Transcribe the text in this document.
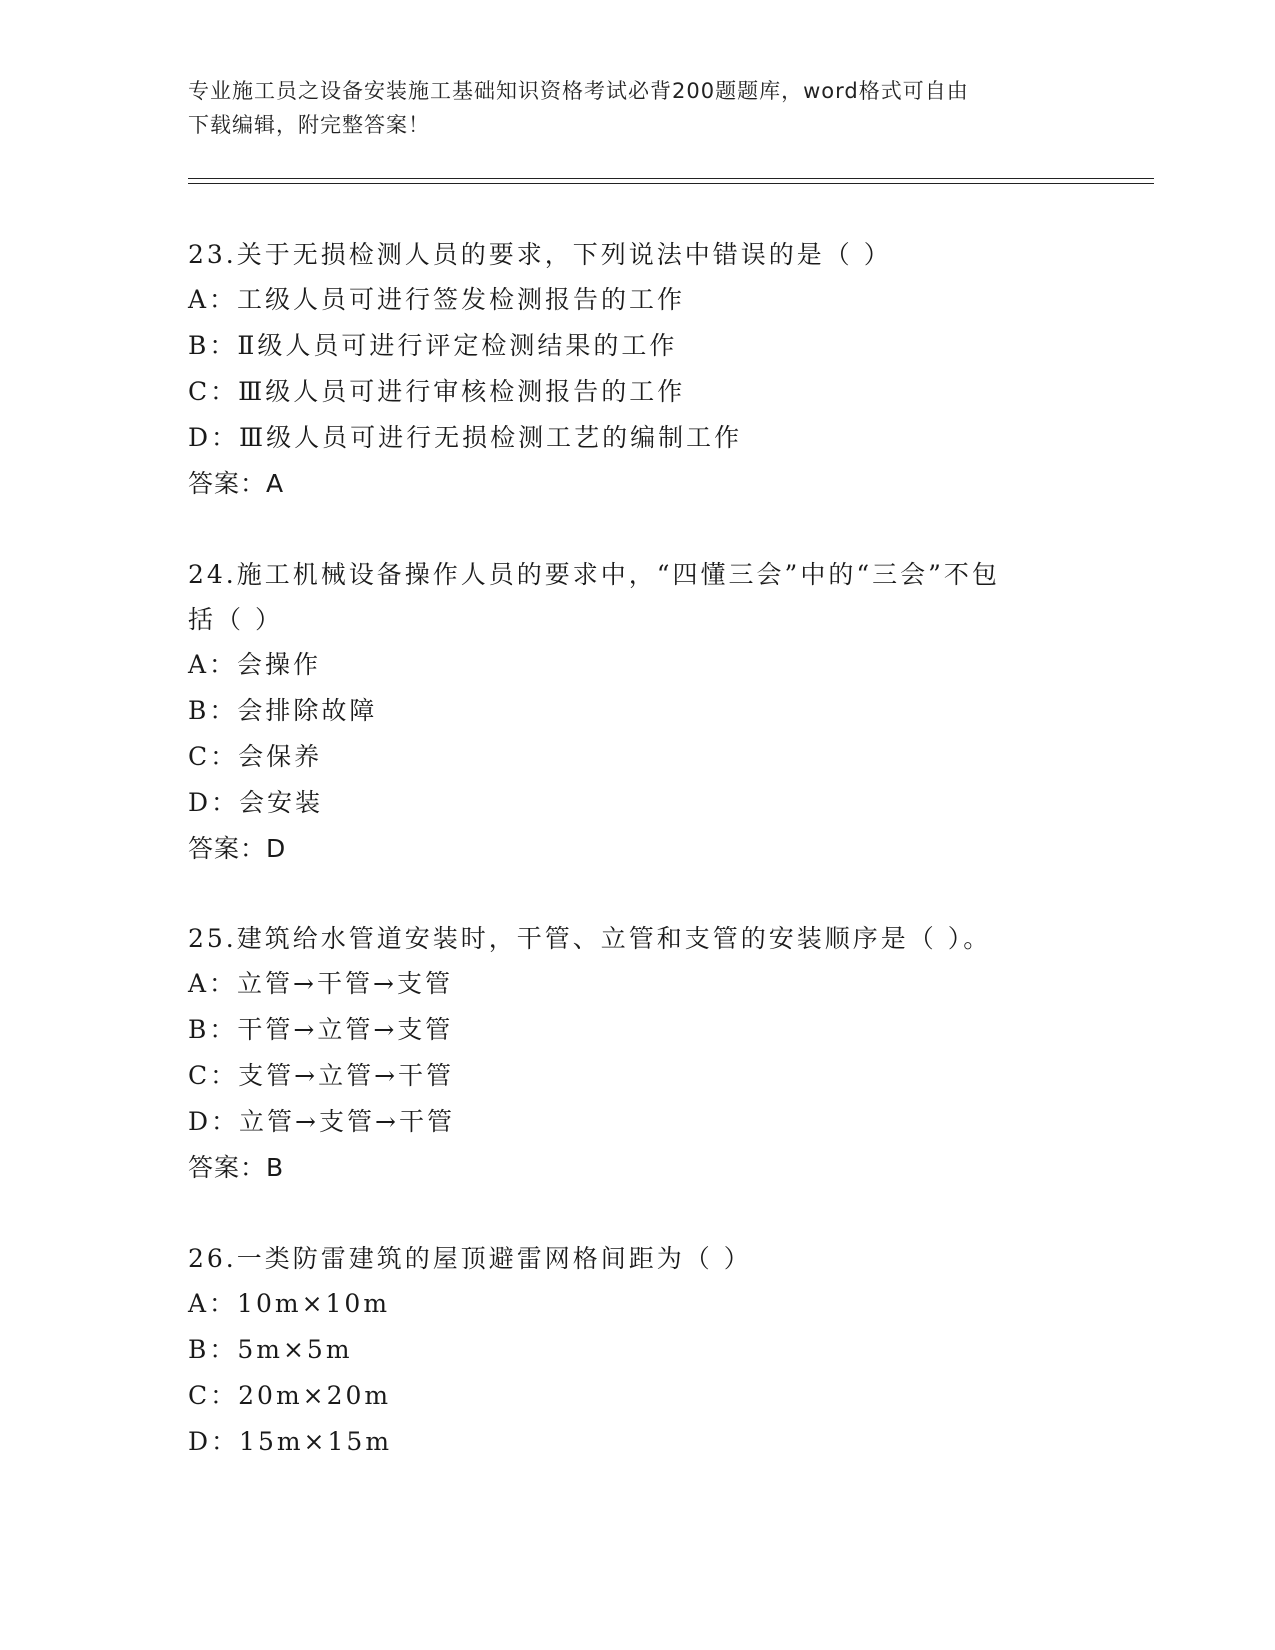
专业施工员之设备安装施工基础知识资格考试必背200题题库，word格式可自由
下载编辑，附完整答案！

23.关于无损检测人员的要求，下列说法中错误的是（ ）

A：工级人员可进行签发检测报告的工作

B：Ⅱ级人员可进行评定检测结果的工作

C：Ⅲ级人员可进行审核检测报告的工作

D：Ⅲ级人员可进行无损检测工艺的编制工作

答案：A

24.施工机械设备操作人员的要求中，“四懂三会”中的“三会”不包

括（ ）

A：会操作

B：会排除故障

C：会保养

D：会安装

答案：D

25.建筑给水管道安装时，干管、立管和支管的安装顺序是（ ）。

A：立管→干管→支管

B：干管→立管→支管

C：支管→立管→干管

D：立管→支管→干管

答案：B

26.一类防雷建筑的屋顶避雷网格间距为（ ）

A：10m×10m

B：5m×5m

C：20m×20m

D：15m×15m
